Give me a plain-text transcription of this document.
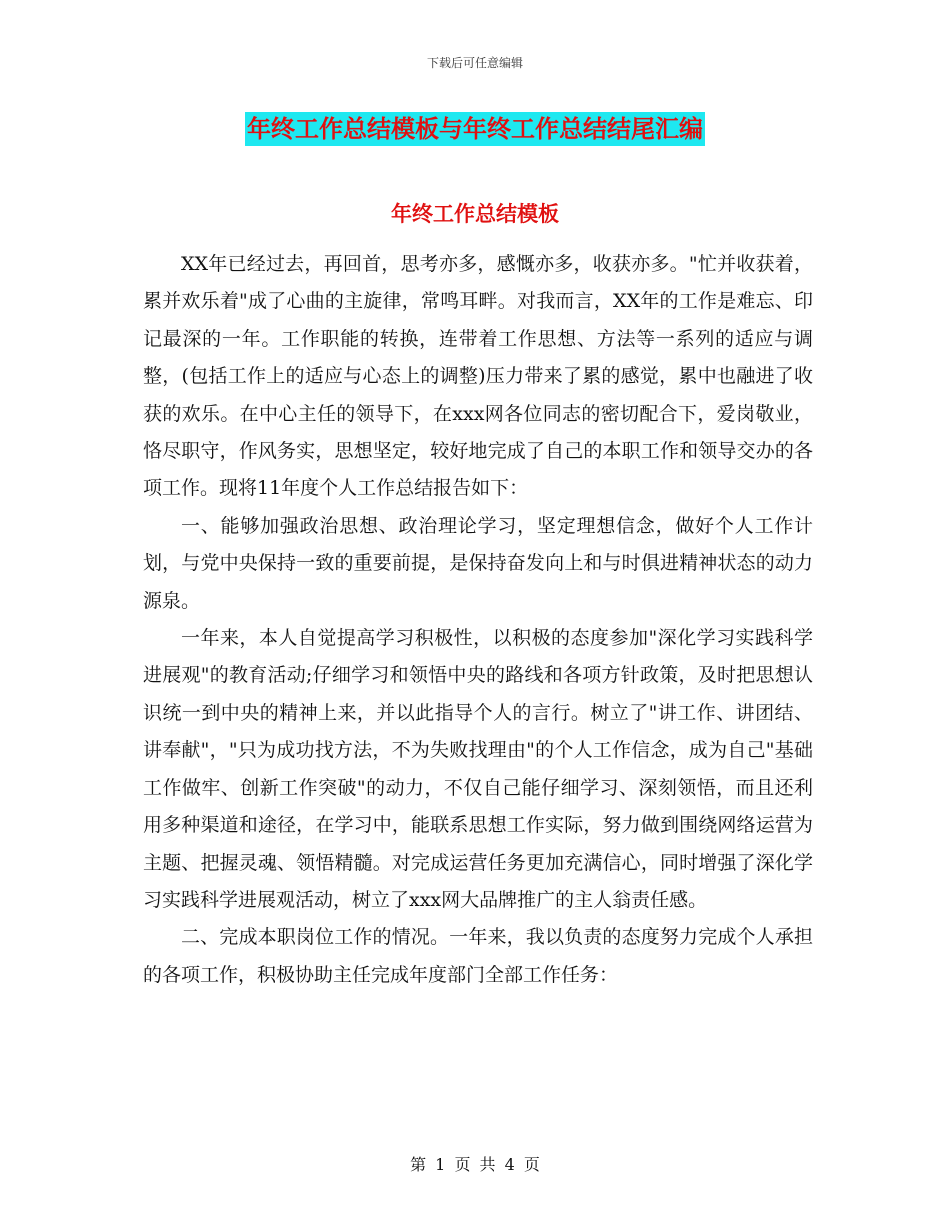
下载后可任意编辑
年终工作总结模板与年终工作总结结尾汇编
年终工作总结模板

XX年已经过去，再回首，思考亦多，感慨亦多，收获亦多。"忙并收获着，累并欢乐着"成了心曲的主旋律，常鸣耳畔。对我而言，XX年的工作是难忘、印记最深的一年。工作职能的转换，连带着工作思想、方法等一系列的适应与调整，(包括工作上的适应与心态上的调整)压力带来了累的感觉，累中也融进了收获的欢乐。在中心主任的领导下，在xxx网各位同志的密切配合下，爱岗敬业，恪尽职守，作风务实，思想坚定，较好地完成了自己的本职工作和领导交办的各项工作。现将11年度个人工作总结报告如下：

一、能够加强政治思想、政治理论学习，坚定理想信念，做好个人工作计划，与党中央保持一致的重要前提，是保持奋发向上和与时俱进精神状态的动力源泉。

一年来，本人自觉提高学习积极性，以积极的态度参加"深化学习实践科学进展观"的教育活动;仔细学习和领悟中央的路线和各项方针政策，及时把思想认识统一到中央的精神上来，并以此指导个人的言行。树立了"讲工作、讲团结、讲奉献"，"只为成功找方法，不为失败找理由"的个人工作信念，成为自己"基础工作做牢、创新工作突破"的动力，不仅自己能仔细学习、深刻领悟，而且还利用多种渠道和途径，在学习中，能联系思想工作实际，努力做到围绕网络运营为主题、把握灵魂、领悟精髓。对完成运营任务更加充满信心，同时增强了深化学习实践科学进展观活动，树立了xxx网大品牌推广的主人翁责任感。

二、完成本职岗位工作的情况。一年来，我以负责的态度努力完成个人承担的各项工作，积极协助主任完成年度部门全部工作任务：

第 1 页 共 4 页
